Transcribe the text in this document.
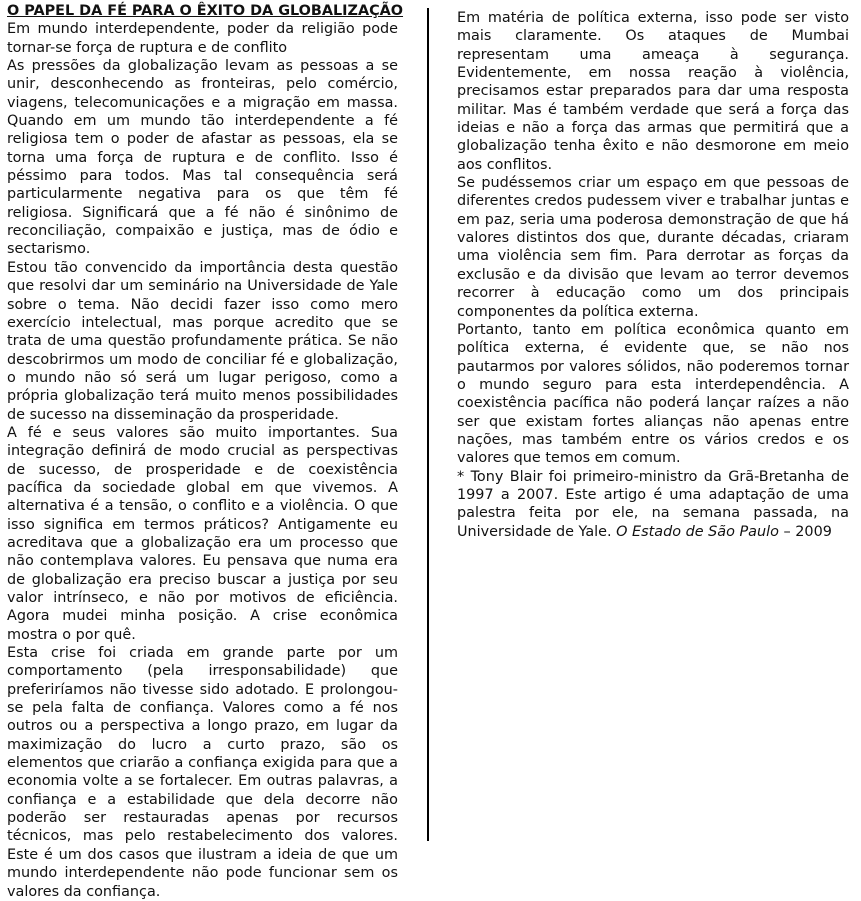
O PAPEL DA FÉ PARA O ÊXITO DA GLOBALIZAÇÃO

Em mundo interdependente, poder da religião pode tornar-se força de ruptura e de conflito

As pressões da globalização levam as pessoas a se unir, desconhecendo as fronteiras, pelo comércio, viagens, telecomunicações e a migração em massa. Quando em um mundo tão interdependente a fé religiosa tem o poder de afastar as pessoas, ela se torna uma força de ruptura e de conflito. Isso é péssimo para todos. Mas tal consequência será particularmente negativa para os que têm fé religiosa. Significará que a fé não é sinônimo de reconciliação, compaixão e justiça, mas de ódio e sectarismo.

Estou tão convencido da importância desta questão que resolvi dar um seminário na Universidade de Yale sobre o tema. Não decidi fazer isso como mero exercício intelectual, mas porque acredito que se trata de uma questão profundamente prática. Se não descobrirmos um modo de conciliar fé e globalização, o mundo não só será um lugar perigoso, como a própria globalização terá muito menos possibilidades de sucesso na disseminação da prosperidade.

A fé e seus valores são muito importantes. Sua integração definirá de modo crucial as perspectivas de sucesso, de prosperidade e de coexistência pacífica da sociedade global em que vivemos. A alternativa é a tensão, o conflito e a violência. O que isso significa em termos práticos? Antigamente eu acreditava que a globalização era um processo que não contemplava valores. Eu pensava que numa era de globalização era preciso buscar a justiça por seu valor intrínseco, e não por motivos de eficiência. Agora mudei minha posição. A crise econômica mostra o por quê.

Esta crise foi criada em grande parte por um comportamento (pela irresponsabilidade) que preferiríamos não tivesse sido adotado. E prolongou-se pela falta de confiança. Valores como a fé nos outros ou a perspectiva a longo prazo, em lugar da maximização do lucro a curto prazo, são os elementos que criarão a confiança exigida para que a economia volte a se fortalecer. Em outras palavras, a confiança e a estabilidade que dela decorre não poderão ser restauradas apenas por recursos técnicos, mas pelo restabelecimento dos valores. Este é um dos casos que ilustram a ideia de que um mundo interdependente não pode funcionar sem os valores da confiança.

Em matéria de política externa, isso pode ser visto mais claramente. Os ataques de Mumbai representam uma ameaça à segurança. Evidentemente, em nossa reação à violência, precisamos estar preparados para dar uma resposta militar. Mas é também verdade que será a força das ideias e não a força das armas que permitirá que a globalização tenha êxito e não desmorone em meio aos conflitos.

Se pudéssemos criar um espaço em que pessoas de diferentes credos pudessem viver e trabalhar juntas e em paz, seria uma poderosa demonstração de que há valores distintos dos que, durante décadas, criaram uma violência sem fim. Para derrotar as forças da exclusão e da divisão que levam ao terror devemos recorrer à educação como um dos principais componentes da política externa.

Portanto, tanto em política econômica quanto em política externa, é evidente que, se não nos pautarmos por valores sólidos, não poderemos tornar o mundo seguro para esta interdependência. A coexistência pacífica não poderá lançar raízes a não ser que existam fortes alianças não apenas entre nações, mas também entre os vários credos e os valores que temos em comum.

* Tony Blair foi primeiro-ministro da Grã-Bretanha de 1997 a 2007. Este artigo é uma adaptação de uma palestra feita por ele, na semana passada, na Universidade de Yale. O Estado de São Paulo – 2009
